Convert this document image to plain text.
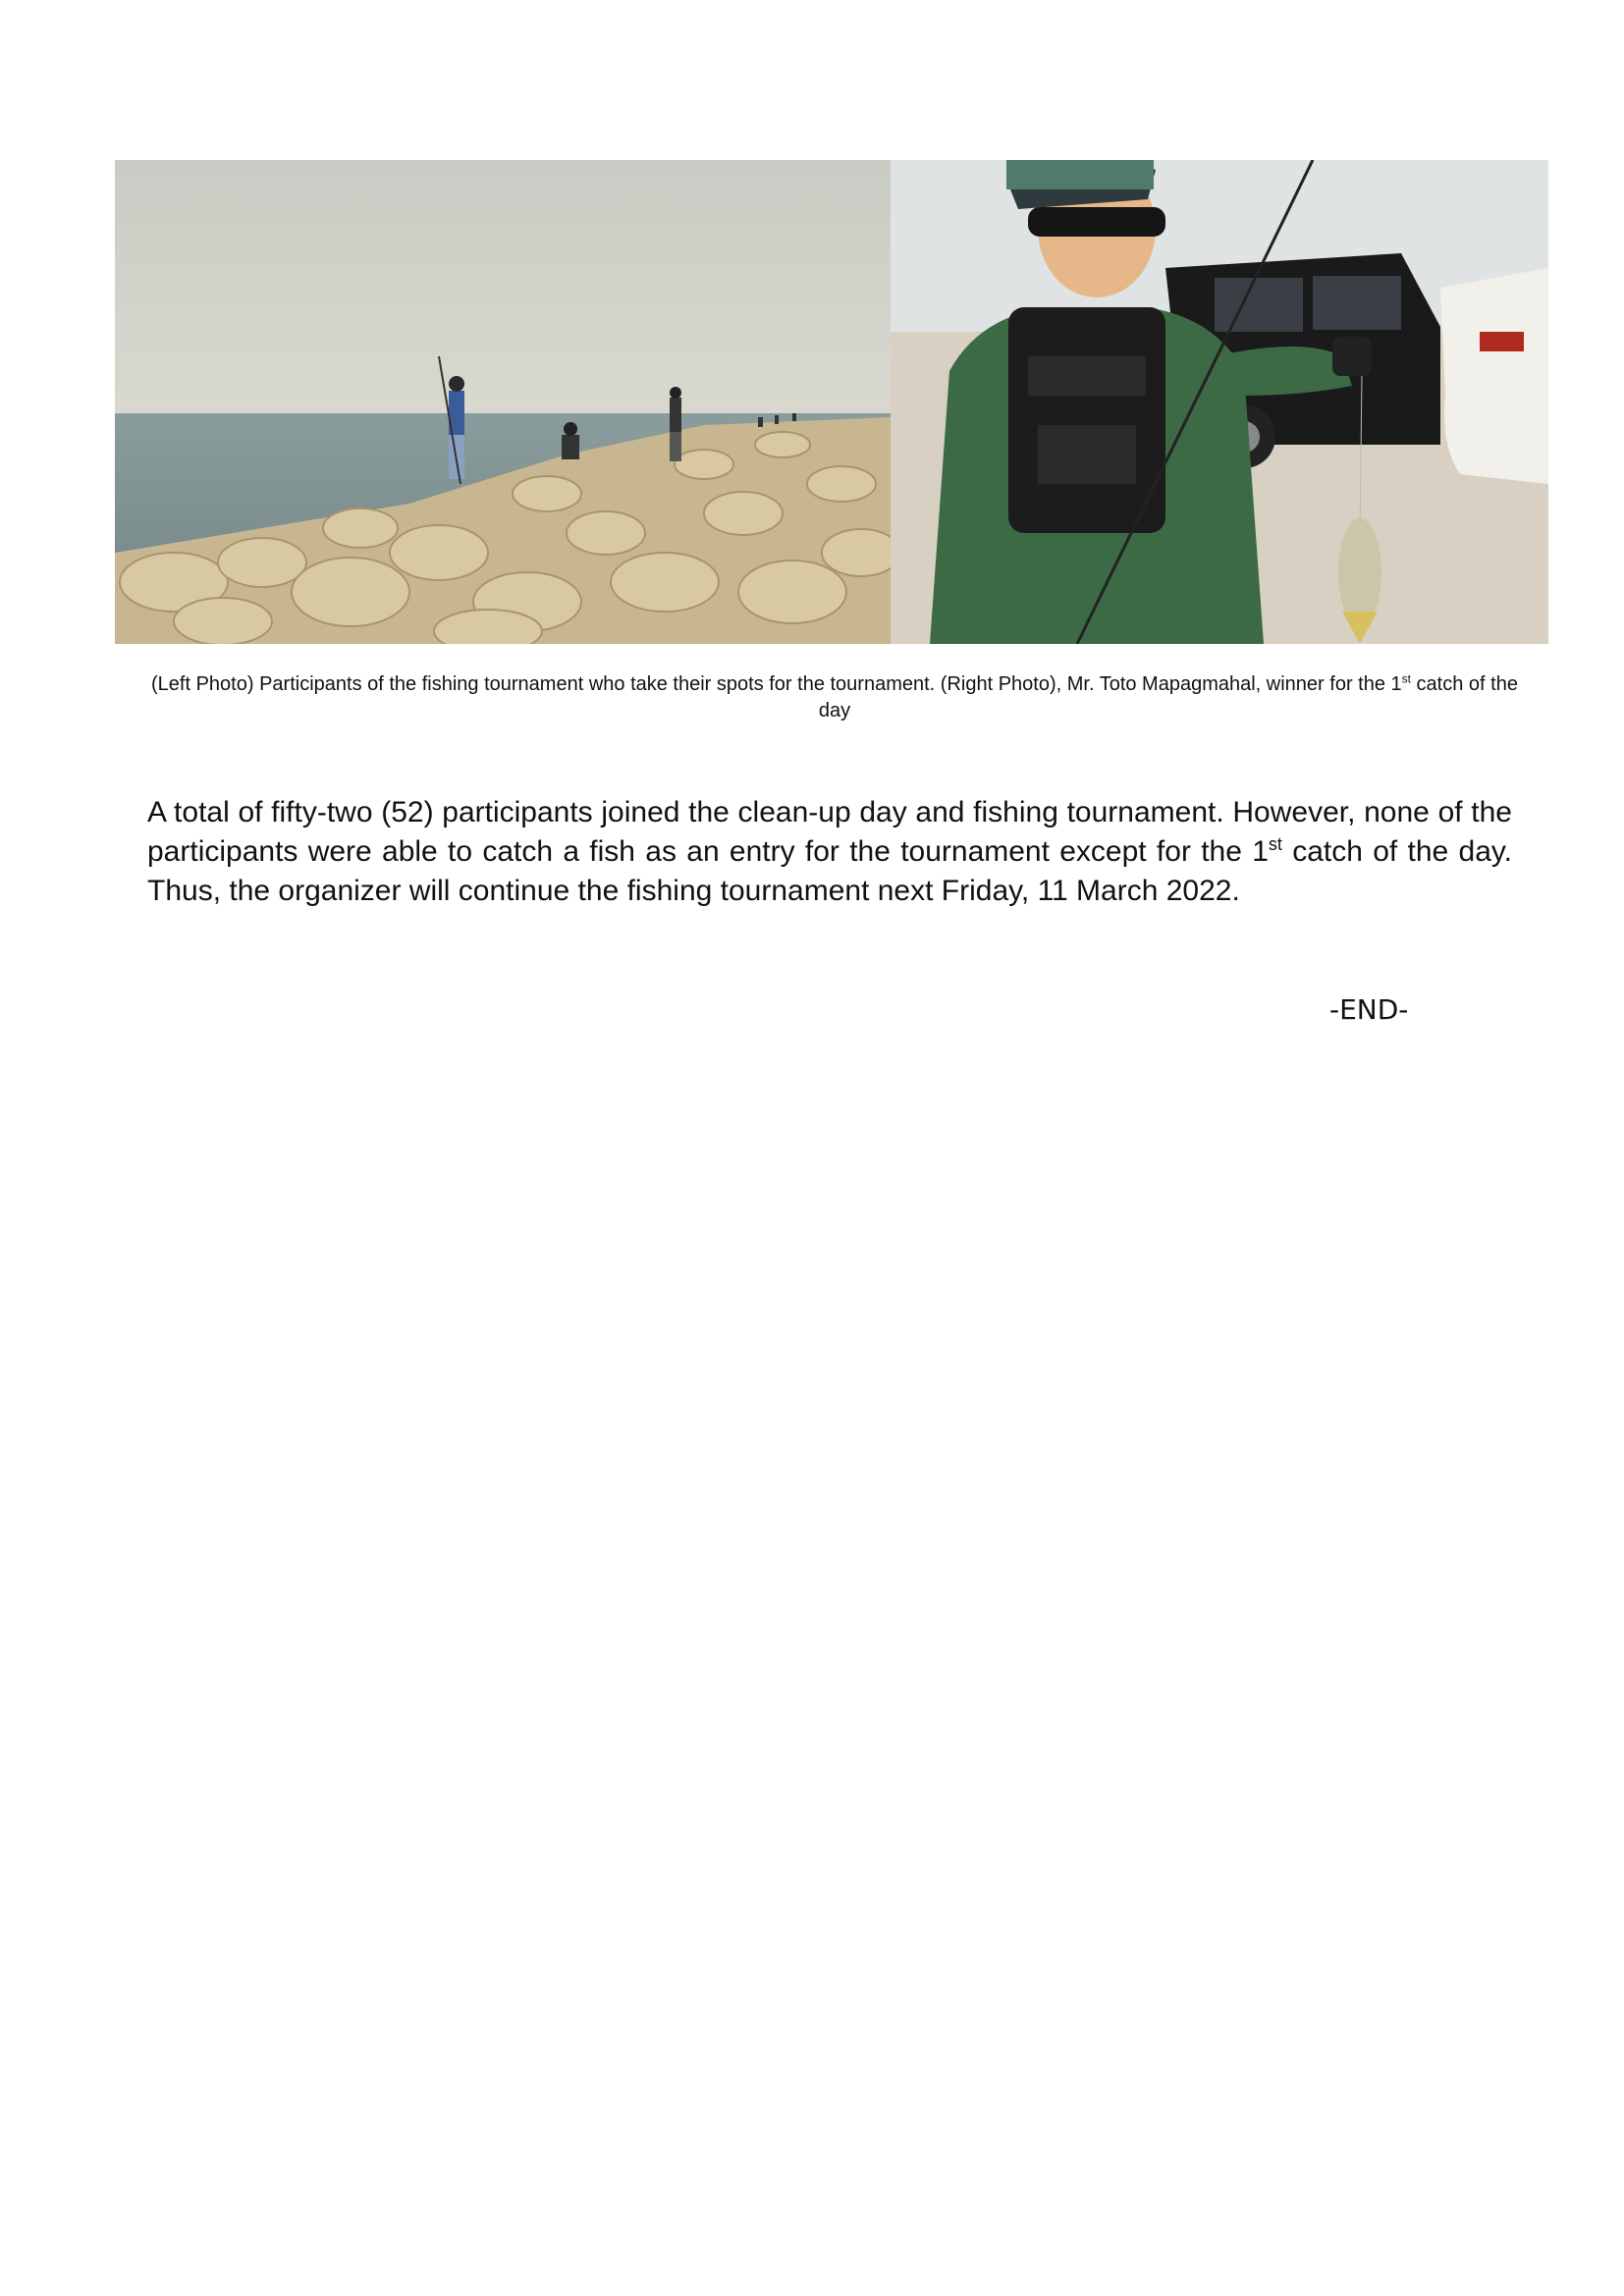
(Left Photo) Participants of the fishing tournament who take their spots for the tournament. (Right Photo), Mr. Toto Mapagmahal, winner for the 1st catch of the day
A total of fifty-two (52) participants joined the clean-up day and fishing tournament. However, none of the participants were able to catch a fish as an entry for the tournament except for the 1st catch of the day. Thus, the organizer will continue the fishing tournament next Friday, 11 March 2022.
-END-
